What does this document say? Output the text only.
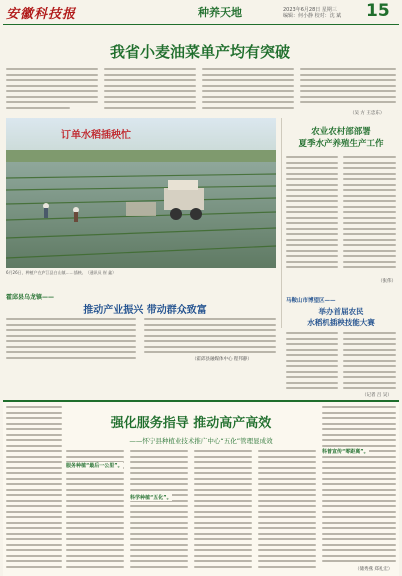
安徽科技报	种养天地	2023年6月28日 星期三
编辑：何小静 校对：沈 斌 15
我省小麦油菜单产均有突破
（吴 方 王忠东）
订单水稻插秧忙
6月26日，种植户在庐江县白山镇……插秧。（通讯员 崔 鑫）
农业农村部部署
夏季水产养殖生产工作
（张伟）
霍邱县乌龙镇——
推动产业振兴 带动群众致富
（霍邱县融媒体中心 程邦静）
马鞍山市博望区——
举办首届农民
水稻机插秧技能大赛
（记者 吕 吴）
强化服务指导 推动高产高效
——怀宁县种植业技术推广中心“五化”管理显成效
服务种植“最后一公里”。
科学种植“五化”。
科普宣传“零距离”。
（储秀燕 郑礼宏）
